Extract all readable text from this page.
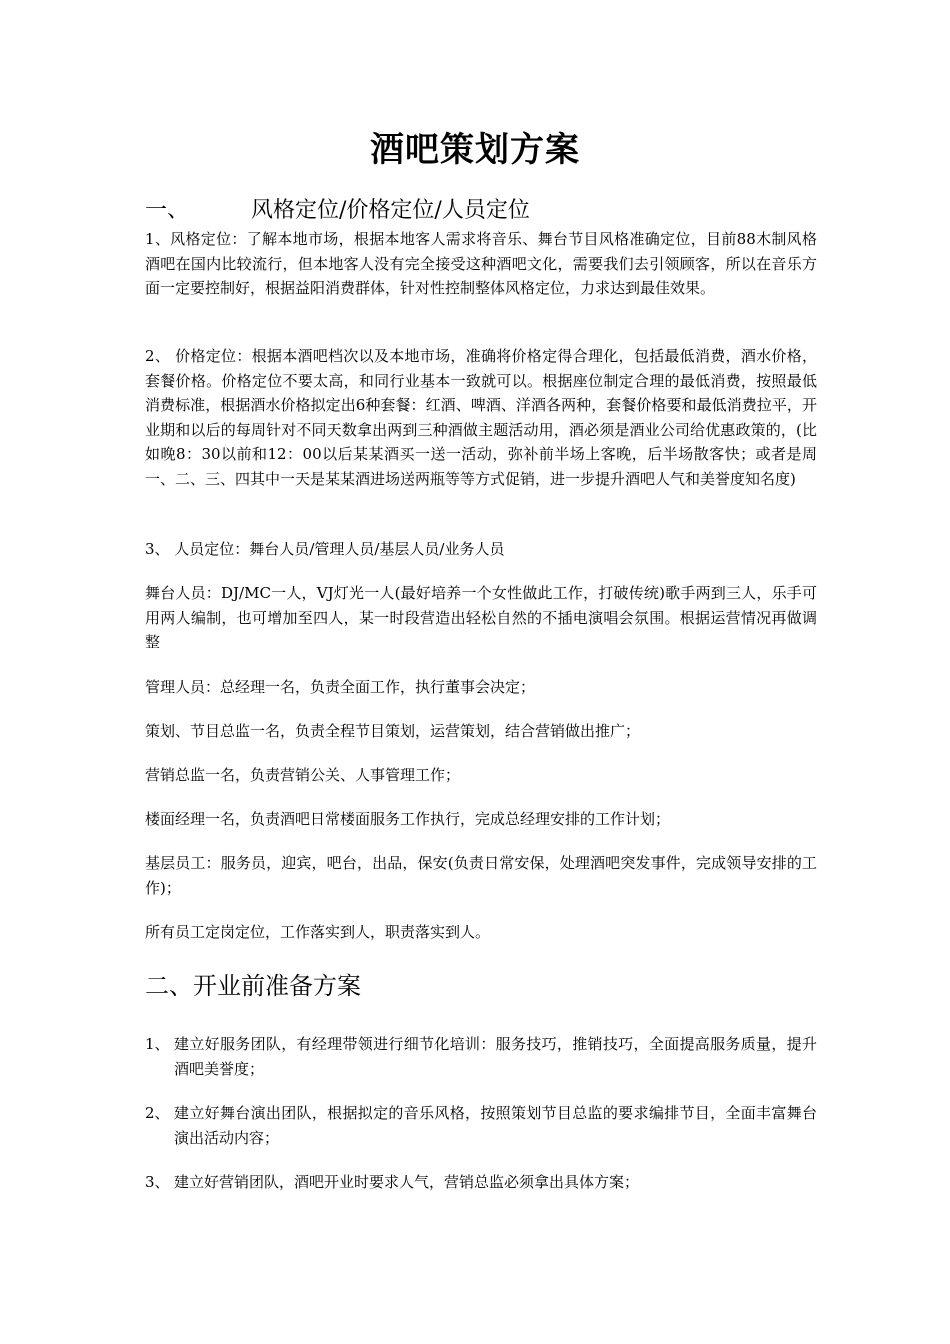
酒吧策划方案
一、	风格定位/价格定位/人员定位
1、风格定位：了解本地市场，根据本地客人需求将音乐、舞台节目风格准确定位，目前88木制风格酒吧在国内比较流行，但本地客人没有完全接受这种酒吧文化，需要我们去引领顾客，所以在音乐方面一定要控制好，根据益阳消费群体，针对性控制整体风格定位，力求达到最佳效果。
2、 价格定位：根据本酒吧档次以及本地市场，准确将价格定得合理化，包括最低消费，酒水价格，套餐价格。价格定位不要太高，和同行业基本一致就可以。根据座位制定合理的最低消费，按照最低消费标准，根据酒水价格拟定出6种套餐：红酒、啤酒、洋酒各两种，套餐价格要和最低消费拉平，开业期和以后的每周针对不同天数拿出两到三种酒做主题活动用，酒必须是酒业公司给优惠政策的，(比如晚8：30以前和12：00以后某某酒买一送一活动，弥补前半场上客晚，后半场散客快；或者是周一、二、三、四其中一天是某某酒进场送两瓶等等方式促销，进一步提升酒吧人气和美誉度知名度)
3、 人员定位：舞台人员/管理人员/基层人员/业务人员
舞台人员：DJ/MC一人，VJ灯光一人(最好培养一个女性做此工作，打破传统)歌手两到三人，乐手可用两人编制，也可增加至四人，某一时段营造出轻松自然的不插电演唱会氛围。根据运营情况再做调整
管理人员：总经理一名，负责全面工作，执行董事会决定；
策划、节目总监一名，负责全程节目策划，运营策划，结合营销做出推广；
营销总监一名，负责营销公关、人事管理工作；
楼面经理一名，负责酒吧日常楼面服务工作执行，完成总经理安排的工作计划；
基层员工：服务员，迎宾，吧台，出品，保安(负责日常安保，处理酒吧突发事件，完成领导安排的工作)；
所有员工定岗定位，工作落实到人，职责落实到人。
二、开业前准备方案
1、 建立好服务团队，有经理带领进行细节化培训：服务技巧，推销技巧，全面提高服务质量，提升酒吧美誉度；
2、 建立好舞台演出团队，根据拟定的音乐风格，按照策划节目总监的要求编排节目，全面丰富舞台演出活动内容；
3、 建立好营销团队，酒吧开业时要求人气，营销总监必须拿出具体方案；
